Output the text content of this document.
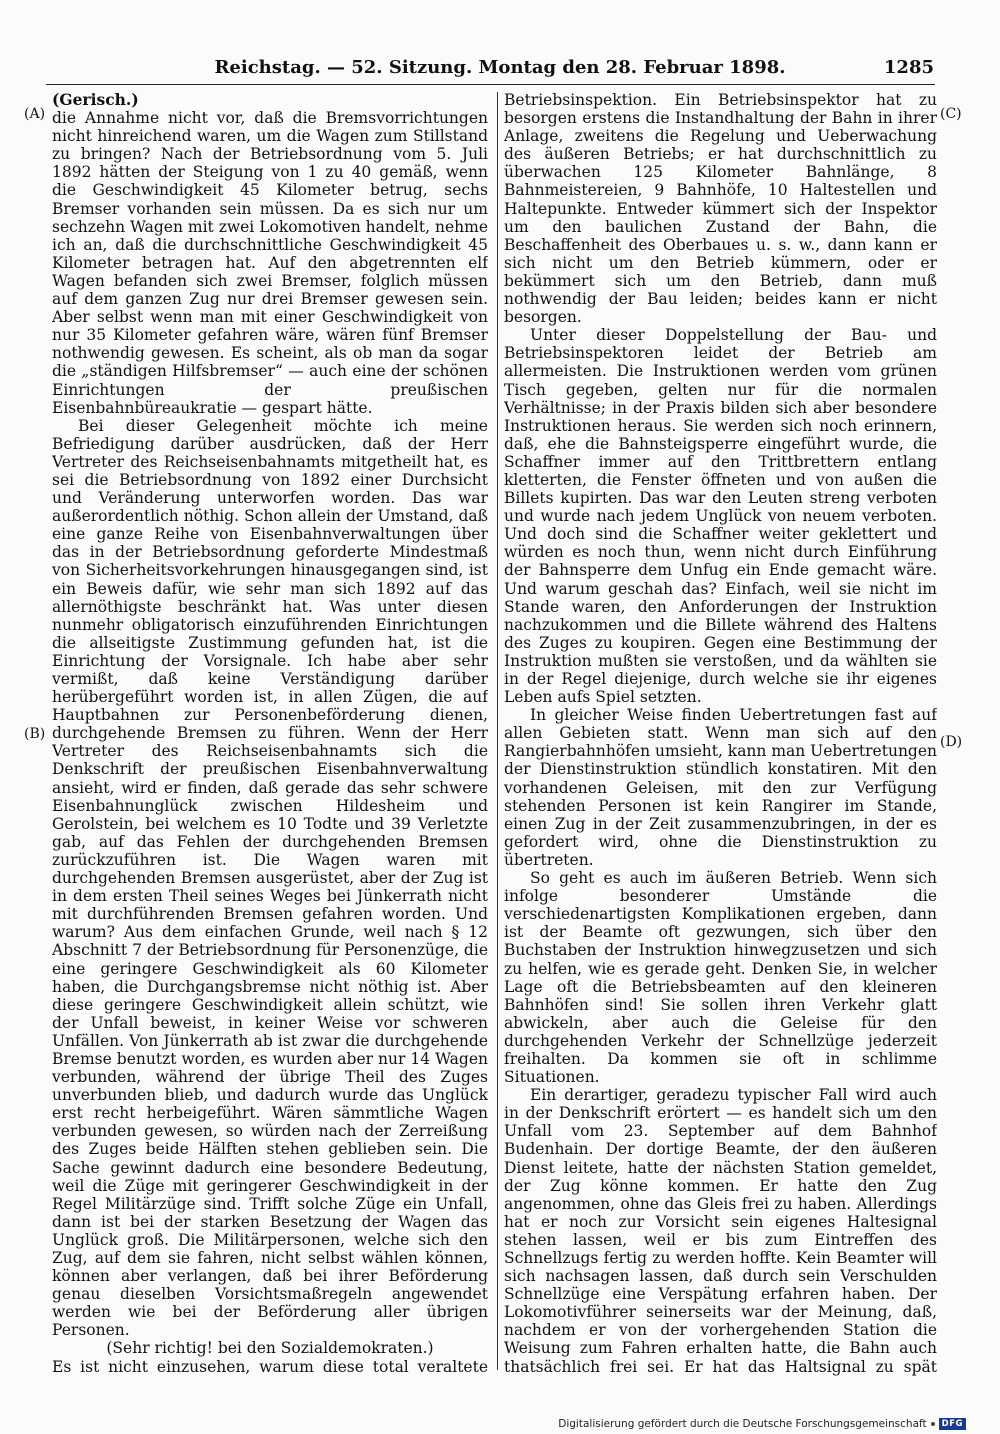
Reichstag. — 52. Sitzung. Montag den 28. Februar 1898.	1285
(A)
(B)
(C)
(D)

(Gerisch.)

die Annahme nicht vor, daß die Bremsvorrichtungen nicht hinreichend waren, um die Wagen zum Stillstand zu bringen? Nach der Betriebsordnung vom 5. Juli 1892 hätten der Steigung von 1 zu 40 gemäß, wenn die Geschwindigkeit 45 Kilometer betrug, sechs Bremser vorhanden sein müssen. Da es sich nur um sechzehn Wagen mit zwei Lokomotiven handelt, nehme ich an, daß die durchschnittliche Geschwindigkeit 45 Kilometer betragen hat. Auf den abgetrennten elf Wagen befanden sich zwei Bremser, folglich müssen auf dem ganzen Zug nur drei Bremser gewesen sein. Aber selbst wenn man mit einer Geschwindigkeit von nur 35 Kilometer gefahren wäre, wären fünf Bremser nothwendig gewesen. Es scheint, als ob man da sogar die „ständigen Hilfsbremser“ — auch eine der schönen Einrichtungen der preußischen Eisenbahnbüreaukratie — gespart hätte.

Bei dieser Gelegenheit möchte ich meine Befriedigung darüber ausdrücken, daß der Herr Vertreter des Reichseisenbahnamts mitgetheilt hat, es sei die Betriebsordnung von 1892 einer Durchsicht und Veränderung unterworfen worden. Das war außerordentlich nöthig. Schon allein der Umstand, daß eine ganze Reihe von Eisenbahnverwaltungen über das in der Betriebsordnung geforderte Mindestmaß von Sicherheitsvorkehrungen hinausgegangen sind, ist ein Beweis dafür, wie sehr man sich 1892 auf das allernöthigste beschränkt hat. Was unter diesen nunmehr obligatorisch einzuführenden Einrichtungen die allseitigste Zustimmung gefunden hat, ist die Einrichtung der Vorsignale. Ich habe aber sehr vermißt, daß keine Verständigung darüber herübergeführt worden ist, in allen Zügen, die auf Hauptbahnen zur Personenbeförderung dienen, durchgehende Bremsen zu führen. Wenn der Herr Vertreter des Reichseisenbahnamts sich die Denkschrift der preußischen Eisenbahnverwaltung ansieht, wird er finden, daß gerade das sehr schwere Eisenbahnunglück zwischen Hildesheim und Gerolstein, bei welchem es 10 Todte und 39 Verletzte gab, auf das Fehlen der durchgehenden Bremsen zurückzuführen ist. Die Wagen waren mit durchgehenden Bremsen ausgerüstet, aber der Zug ist in dem ersten Theil seines Weges bei Jünkerrath nicht mit durchführenden Bremsen gefahren worden. Und warum? Aus dem einfachen Grunde, weil nach § 12 Abschnitt 7 der Betriebsordnung für Personenzüge, die eine geringere Geschwindigkeit als 60 Kilometer haben, die Durchgangsbremse nicht nöthig ist. Aber diese geringere Geschwindigkeit allein schützt, wie der Unfall beweist, in keiner Weise vor schweren Unfällen. Von Jünkerrath ab ist zwar die durchgehende Bremse benutzt worden, es wurden aber nur 14 Wagen verbunden, während der übrige Theil des Zuges unverbunden blieb, und dadurch wurde das Unglück erst recht herbeigeführt. Wären sämmtliche Wagen verbunden gewesen, so würden nach der Zerreißung des Zuges beide Hälften stehen geblieben sein. Die Sache gewinnt dadurch eine besondere Bedeutung, weil die Züge mit geringerer Geschwindigkeit in der Regel Militärzüge sind. Trifft solche Züge ein Unfall, dann ist bei der starken Besetzung der Wagen das Unglück groß. Die Militärpersonen, welche sich den Zug, auf dem sie fahren, nicht selbst wählen können, können aber verlangen, daß bei ihrer Beförderung genau dieselben Vorsichtsmaßregeln angewendet werden wie bei der Beförderung aller übrigen Personen.

(Sehr richtig! bei den Sozialdemokraten.)

Es ist nicht einzusehen, warum diese total veraltete

Betriebsinspektion. Ein Betriebsinspektor hat zu besorgen erstens die Instandhaltung der Bahn in ihrer Anlage, zweitens die Regelung und Ueberwachung des äußeren Betriebs; er hat durchschnittlich zu überwachen 125 Kilometer Bahnlänge, 8 Bahnmeistereien, 9 Bahnhöfe, 10 Haltestellen und Haltepunkte. Entweder kümmert sich der Inspektor um den baulichen Zustand der Bahn, die Beschaffenheit des Oberbaues u. s. w., dann kann er sich nicht um den Betrieb kümmern, oder er bekümmert sich um den Betrieb, dann muß nothwendig der Bau leiden; beides kann er nicht besorgen.

Unter dieser Doppelstellung der Bau- und Betriebsinspektoren leidet der Betrieb am allermeisten. Die Instruktionen werden vom grünen Tisch gegeben, gelten nur für die normalen Verhältnisse; in der Praxis bilden sich aber besondere Instruktionen heraus. Sie werden sich noch erinnern, daß, ehe die Bahnsteigsperre eingeführt wurde, die Schaffner immer auf den Trittbrettern entlang kletterten, die Fenster öffneten und von außen die Billets kupirten. Das war den Leuten streng verboten und wurde nach jedem Unglück von neuem verboten. Und doch sind die Schaffner weiter geklettert und würden es noch thun, wenn nicht durch Einführung der Bahnsperre dem Unfug ein Ende gemacht wäre. Und warum geschah das? Einfach, weil sie nicht im Stande waren, den Anforderungen der Instruktion nachzukommen und die Billete während des Haltens des Zuges zu koupiren. Gegen eine Bestimmung der Instruktion mußten sie verstoßen, und da wählten sie in der Regel diejenige, durch welche sie ihr eigenes Leben aufs Spiel setzten.

In gleicher Weise finden Uebertretungen fast auf allen Gebieten statt. Wenn man sich auf den Rangierbahnhöfen umsieht, kann man Uebertretungen der Dienstinstruktion stündlich konstatiren. Mit den vorhandenen Geleisen, mit den zur Verfügung stehenden Personen ist kein Rangirer im Stande, einen Zug in der Zeit zusammenzubringen, in der es gefordert wird, ohne die Dienstinstruktion zu übertreten.

So geht es auch im äußeren Betrieb. Wenn sich infolge besonderer Umstände die verschiedenartigsten Komplikationen ergeben, dann ist der Beamte oft gezwungen, sich über den Buchstaben der Instruktion hinwegzusetzen und sich zu helfen, wie es gerade geht. Denken Sie, in welcher Lage oft die Betriebsbeamten auf den kleineren Bahnhöfen sind! Sie sollen ihren Verkehr glatt abwickeln, aber auch die Geleise für den durchgehenden Verkehr der Schnellzüge jederzeit freihalten. Da kommen sie oft in schlimme Situationen.

Ein derartiger, geradezu typischer Fall wird auch in der Denkschrift erörtert — es handelt sich um den Unfall vom 23. September auf dem Bahnhof Budenhain. Der dortige Beamte, der den äußeren Dienst leitete, hatte der nächsten Station gemeldet, der Zug könne kommen. Er hatte den Zug angenommen, ohne das Gleis frei zu haben. Allerdings hat er noch zur Vorsicht sein eigenes Haltesignal stehen lassen, weil er bis zum Eintreffen des Schnellzugs fertig zu werden hoffte. Kein Beamter will sich nachsagen lassen, daß durch sein Verschulden Schnellzüge eine Verspätung erfahren haben. Der Lokomotivführer seinerseits war der Meinung, daß, nachdem er von der vorhergehenden Station die Weisung zum Fahren erhalten hatte, die Bahn auch thatsächlich frei sei. Er hat das Haltsignal zu spät

Digitalisierung gefördert durch die Deutsche Forschungsgemeinschaft	DFG
